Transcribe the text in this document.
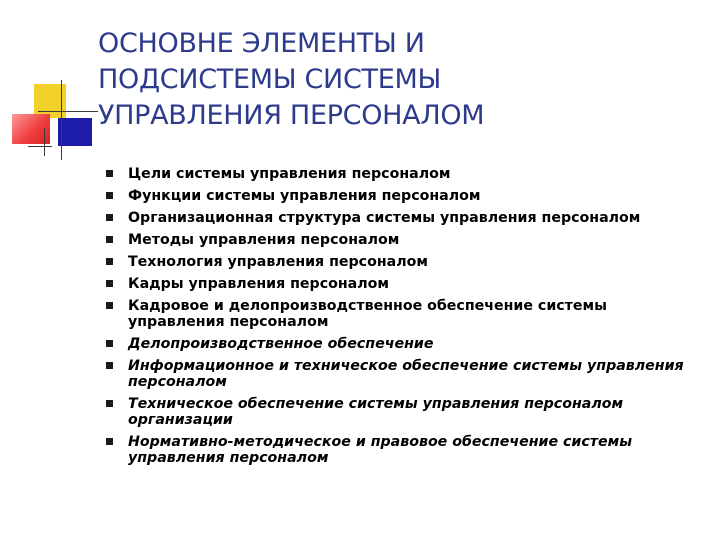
ОСНОВНЕ ЭЛЕМЕНТЫ И
ПОДСИСТЕМЫ СИСТЕМЫ
УПРАВЛЕНИЯ ПЕРСОНАЛОМ
Цели системы управления персоналом
Функции системы управления персоналом
Организационная структура системы управления персоналом
Методы управления персоналом
Технология управления персоналом
Кадры управления персоналом
Кадровое и делопроизводственное обеспечение системы управления персоналом
Делопроизводственное обеспечение
Информационное и техническое обеспечение системы управления персоналом
Техническое обеспечение системы управления персоналом организации
Нормативно-методическое и правовое обеспечение системы управления персоналом
